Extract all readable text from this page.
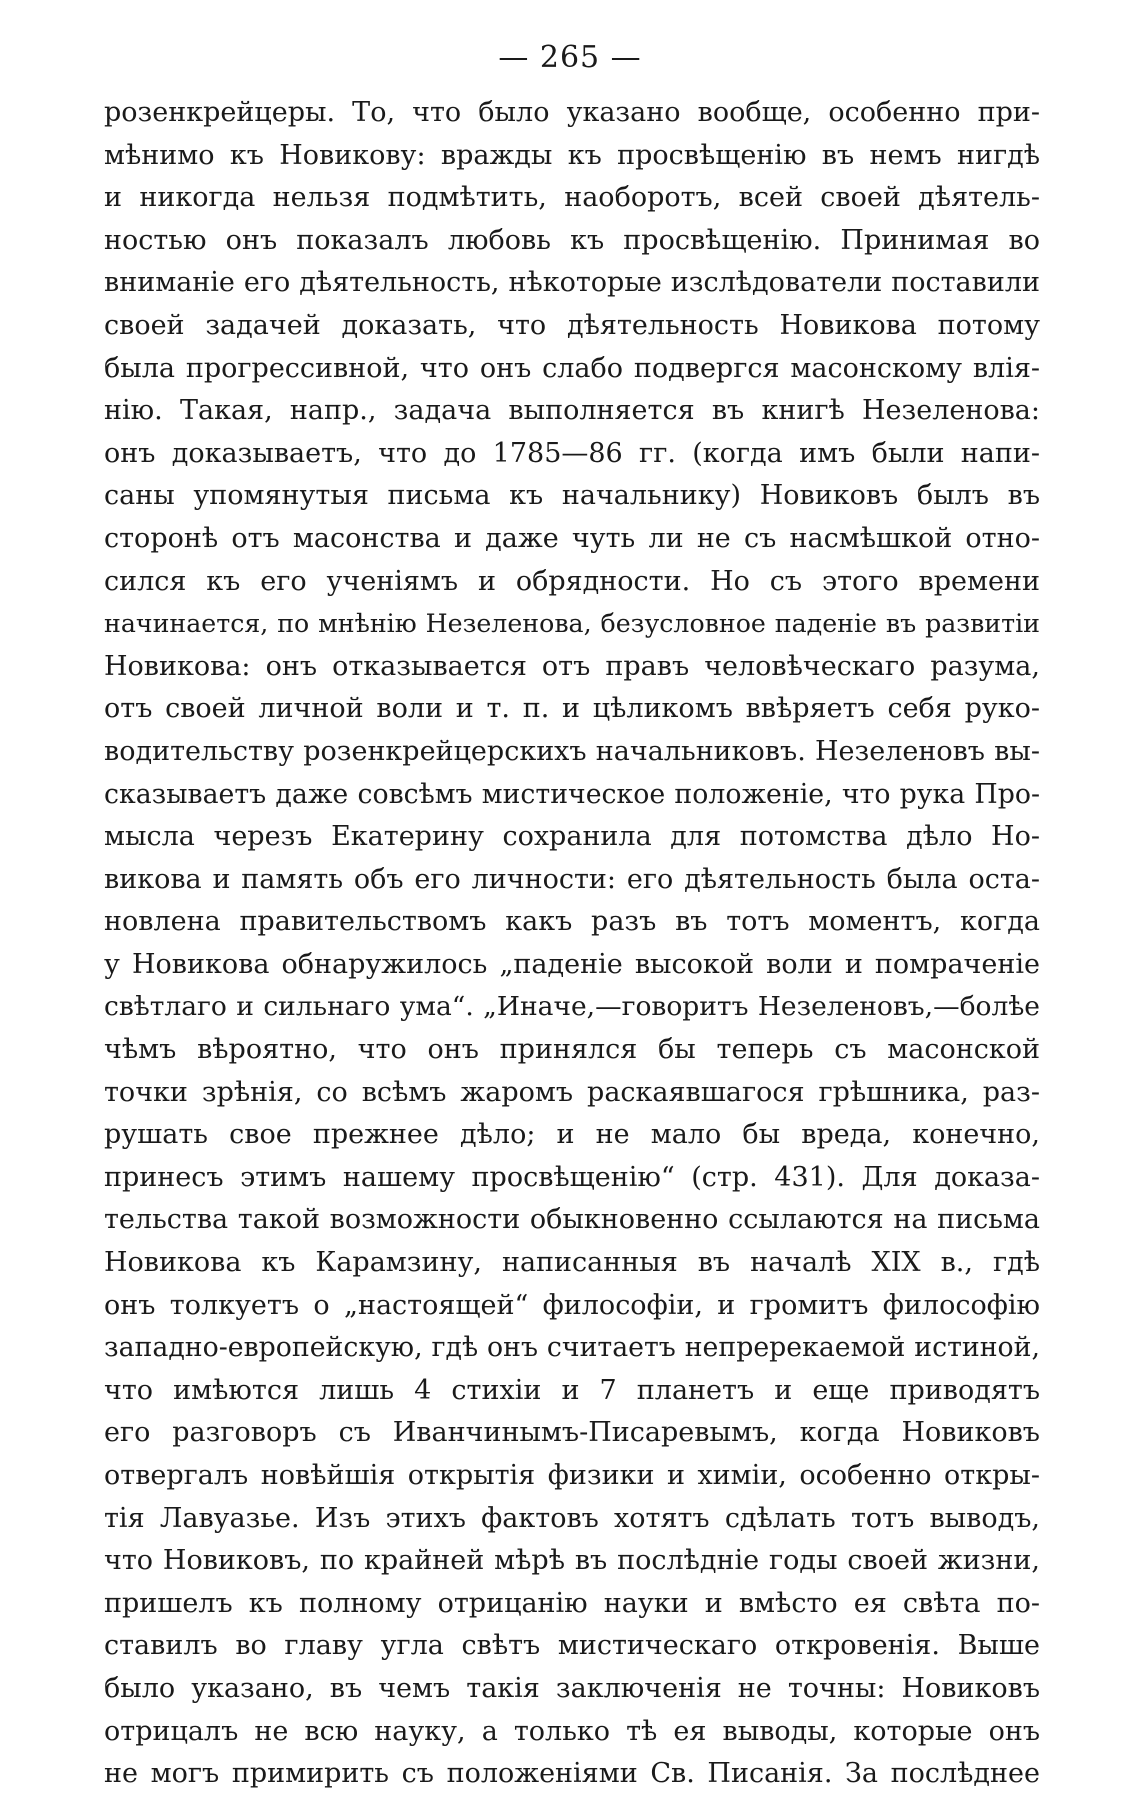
— 265 —
розенкрейцеры. То, что было указано вообще, особенно при-
мѣнимо къ Новикову: вражды къ просвѣщенію въ немъ нигдѣ
и никогда нельзя подмѣтить, наоборотъ, всей своей дѣятель-
ностью онъ показалъ любовь къ просвѣщенію. Принимая во
вниманіе его дѣятельность, нѣкоторые изслѣдователи поставили
своей задачей доказать, что дѣятельность Новикова потому
была прогрессивной, что онъ слабо подвергся масонскому влія-
нію. Такая, напр., задача выполняется въ книгѣ Незеленова:
онъ доказываетъ, что до 1785—86 гг. (когда имъ были напи-
саны упомянутыя письма къ начальнику) Новиковъ былъ въ
сторонѣ отъ масонства и даже чуть ли не съ насмѣшкой отно-
сился къ его ученіямъ и обрядности. Но съ этого времени
начинается, по мнѣнію Незеленова, безусловное паденіе въ развитіи
Новикова: онъ отказывается отъ правъ человѣческаго разума,
отъ своей личной воли и т. п. и цѣликомъ ввѣряетъ себя руко-
водительству розенкрейцерскихъ начальниковъ. Незеленовъ вы-
сказываетъ даже совсѣмъ мистическое положеніе, что рука Про-
мысла черезъ Екатерину сохранила для потомства дѣло Но-
викова и память объ его личности: его дѣятельность была оста-
новлена правительствомъ какъ разъ въ тотъ моментъ, когда
у Новикова обнаружилось „паденіе высокой воли и помраченіе
свѣтлаго и сильнаго ума“. „Иначе,—говоритъ Незеленовъ,—болѣе
чѣмъ вѣроятно, что онъ принялся бы теперь съ масонской
точки зрѣнія, со всѣмъ жаромъ раскаявшагося грѣшника, раз-
рушать свое прежнее дѣло; и не мало бы вреда, конечно,
принесъ этимъ нашему просвѣщенію“ (стр. 431). Для доказа-
тельства такой возможности обыкновенно ссылаются на письма
Новикова къ Карамзину, написанныя въ началѣ XIX в., гдѣ
онъ толкуетъ о „настоящей“ философіи, и громитъ философію
западно-европейскую, гдѣ онъ считаетъ непререкаемой истиной,
что имѣются лишь 4 стихіи и 7 планетъ и еще приводятъ
его разговоръ съ Иванчинымъ-Писаревымъ, когда Новиковъ
отвергалъ новѣйшія открытія физики и химіи, особенно откры-
тія Лавуазье. Изъ этихъ фактовъ хотятъ сдѣлать тотъ выводъ,
что Новиковъ, по крайней мѣрѣ въ послѣдніе годы своей жизни,
пришелъ къ полному отрицанію науки и вмѣсто ея свѣта по-
ставилъ во главу угла свѣтъ мистическаго откровенія. Выше
было указано, въ чемъ такія заключенія не точны: Новиковъ
отрицалъ не всю науку, а только тѣ ея выводы, которые онъ
не могъ примирить съ положеніями Св. Писанія. За послѣднее
